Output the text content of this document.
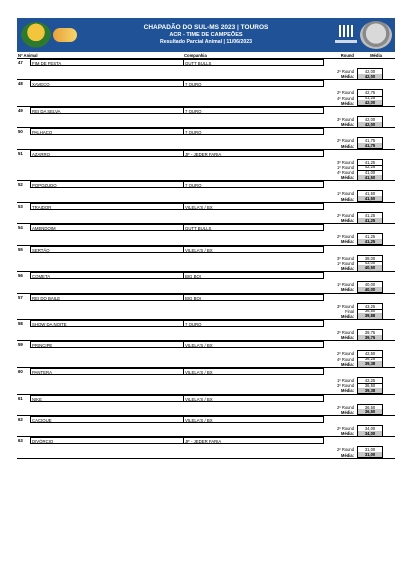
CHAPADÃO DO SUL-MS 2023 | TOUROS
ACR - TIME DE CAMPEÕES
Resultado Parcial Animal | 11/06/2023
Nº Animal	Companhia	Round	Média
47	FIM DE FESTA	GUTT BULLS
2º Round	42,00
Média:	42,00
48	XAVECO	7 OURO
2º Round	42,75
4º Round	41,25
Média:	42,00
49	REI DA SELVA	7 OURO
3º Round	42,00
Média:	42,00
50	PALHAÇO	7 OURO
2º Round	41,75
Média:	41,75
51	AZARRO	JF - JEDER FARIA
3º Round	41,25
1º Round	42,25
4º Round	41,00
Média:	41,50
52	POPOZUDO	7 OURO
1º Round	41,50
Média:	41,50
53	TRAIDOR	VILELA'S / BX
2º Round	41,25
Média:	41,25
54	AMENDOIM	GUTT BULLS
2º Round	41,25
Média:	41,25
55	SERTÃO	VILELA'S / BX
3º Round	38,00
1º Round	43,00
Média:	40,50
56	COMETA	BIG BOI
1º Round	40,00
Média:	40,00
57	REI DO BAILE	BIG BOI
3º Round	43,25
Final	36,50
Média:	39,88
58	SHOW DA NOITE	7 OURO
2º Round	39,75
Média:	39,75
59	PRINCIPE	VILELA'S / BX
2º Round	42,50
4º Round	36,25
Média:	39,38
60	PANTERA	VILELA'S / BX
1º Round	42,25
3º Round	36,50
Média:	39,38
61	NIKE	VILELA'S / BX
2º Round	36,50
Média:	36,50
62	CACIQUE	VILELA'S / BX
2º Round	34,00
Média:	34,00
63	DIVÓRCIO	JF - JEDER FARIA
2º Round	31,00
Média:	31,00
